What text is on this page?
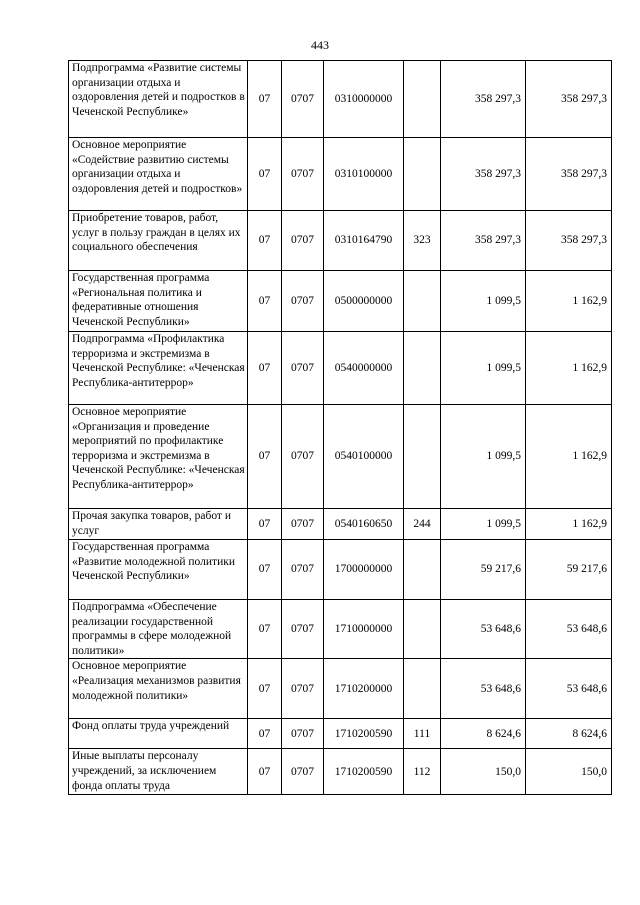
443
Подпрограмма «Развитие системы организации отдыха и оздоровления детей и подростков в Чеченской Республике»	07	0707	0310000000		358 297,3	358 297,3
Основное мероприятие «Содействие развитию системы организации отдыха и оздоровления детей и подростков»	07	0707	0310100000		358 297,3	358 297,3
Приобретение товаров, работ, услуг в пользу граждан в целях их социального обеспечения	07	0707	0310164790	323	358 297,3	358 297,3
Государственная программа «Региональная политика и федеративные отношения Чеченской Республики»	07	0707	0500000000		1 099,5	1 162,9
Подпрограмма «Профилактика терроризма и экстремизма в Чеченской Республике: «Чеченская Республика-антитеррор»	07	0707	0540000000		1 099,5	1 162,9
Основное мероприятие «Организация и проведение мероприятий по профилактике терроризма и экстремизма в Чеченской Республике: «Чеченская Республика-антитеррор»	07	0707	0540100000		1 099,5	1 162,9
Прочая закупка товаров, работ и услуг	07	0707	0540160650	244	1 099,5	1 162,9
Государственная программа «Развитие молодежной политики Чеченской Республики»	07	0707	1700000000		59 217,6	59 217,6
Подпрограмма «Обеспечение реализации государственной программы в сфере молодежной политики»	07	0707	1710000000		53 648,6	53 648,6
Основное мероприятие «Реализация механизмов развития молодежной политики»	07	0707	1710200000		53 648,6	53 648,6
Фонд оплаты труда учреждений	07	0707	1710200590	111	8 624,6	8 624,6
Иные выплаты персоналу учреждений, за исключением фонда оплаты труда	07	0707	1710200590	112	150,0	150,0
